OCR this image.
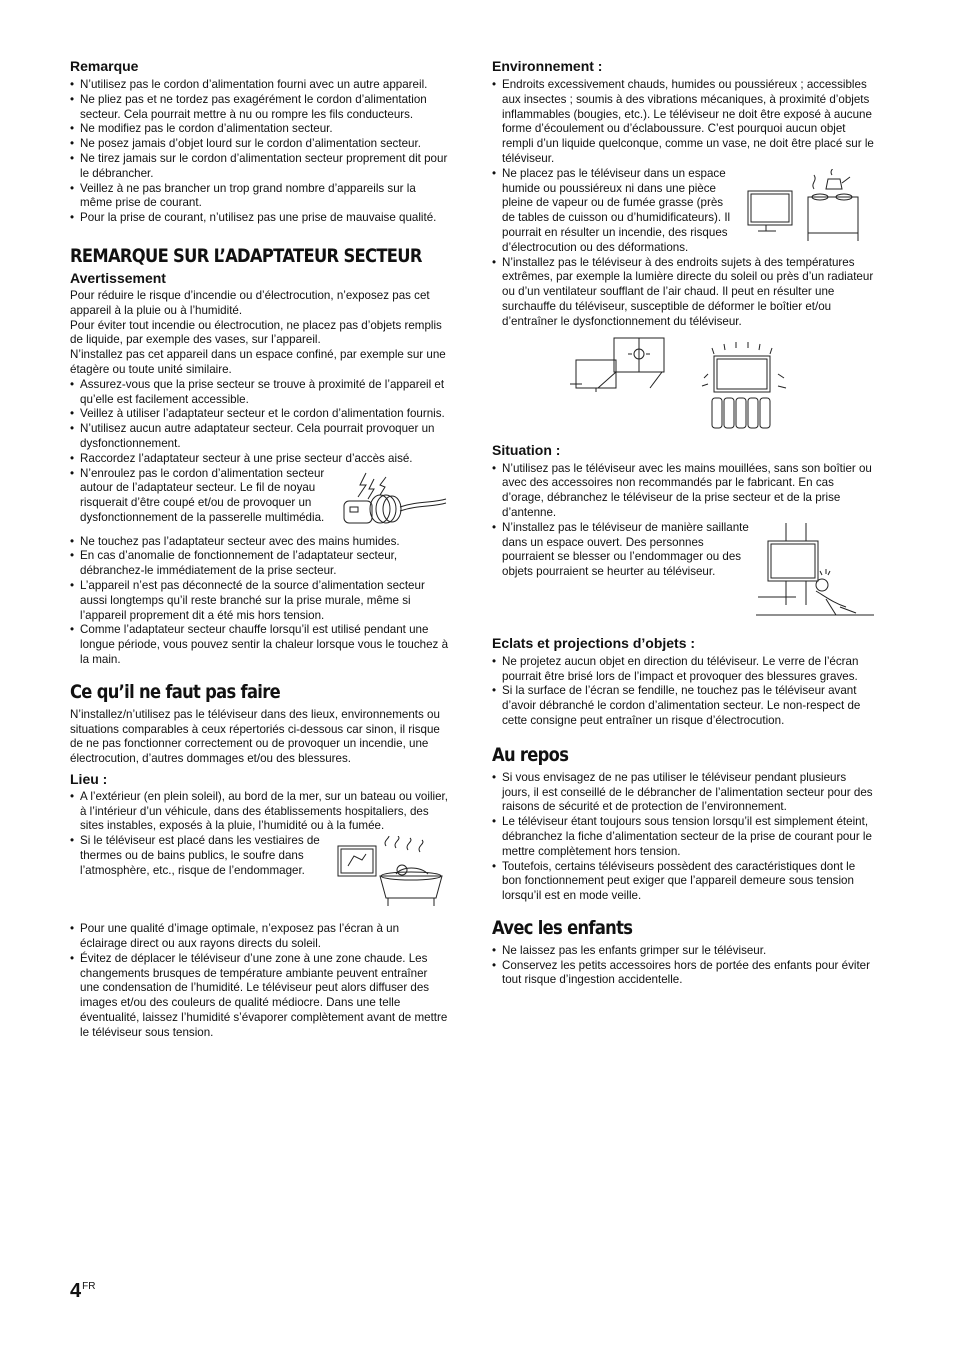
Remarque
• N’utilisez pas le cordon d’alimentation fourni avec un autre appareil.
• Ne pliez pas et ne tordez pas exagérément le cordon d’alimentation secteur. Cela pourrait mettre à nu ou rompre les fils conducteurs.
• Ne modifiez pas le cordon d’alimentation secteur.
• Ne posez jamais d’objet lourd sur le cordon d’alimentation secteur.
• Ne tirez jamais sur le cordon d’alimentation secteur proprement dit pour le débrancher.
• Veillez à ne pas brancher un trop grand nombre d’appareils sur la même prise de courant.
• Pour la prise de courant, n’utilisez pas une prise de mauvaise qualité.
REMARQUE SUR L’ADAPTATEUR SECTEUR
Avertissement

Pour réduire le risque d’incendie ou d’électrocution, n’exposez pas cet appareil à la pluie ou à l’humidité.

Pour éviter tout incendie ou électrocution, ne placez pas d’objets remplis de liquide, par exemple des vases, sur l’appareil.

N’installez pas cet appareil dans un espace confiné, par exemple sur une étagère ou toute unité similaire.

• Assurez-vous que la prise secteur se trouve à proximité de l’appareil et qu’elle est facilement accessible.
• Veillez à utiliser l’adaptateur secteur et le cordon d’alimentation fournis.
• N’utilisez aucun autre adaptateur secteur. Cela pourrait provoquer un dysfonctionnement.
• Raccordez l’adaptateur secteur à une prise secteur d’accès aisé.
• N’enroulez pas le cordon d’alimentation secteur autour de l’adaptateur secteur. Le fil de noyau risquerait d’être coupé et/ou de provoquer un dysfonctionnement de la passerelle multimédia.
• Ne touchez pas l’adaptateur secteur avec des mains humides.
• En cas d’anomalie de fonctionnement de l’adaptateur secteur, débranchez-le immédiatement de la prise secteur.
• L’appareil n’est pas déconnecté de la source d’alimentation secteur aussi longtemps qu’il reste branché sur la prise murale, même si l’appareil proprement dit a été mis hors tension.
• Comme l’adaptateur secteur chauffe lorsqu’il est utilisé pendant une longue période, vous pouvez sentir la chaleur lorsque vous le touchez à la main.
Ce qu’il ne faut pas faire

N’installez/n’utilisez pas le téléviseur dans des lieux, environnements ou situations comparables à ceux répertoriés ci-dessous car sinon, il risque de ne pas fonctionner correctement ou de provoquer un incendie, une électrocution, d’autres dommages et/ou des blessures.

Lieu :
• A l’extérieur (en plein soleil), au bord de la mer, sur un bateau ou voilier, à l’intérieur d’un véhicule, dans des établissements hospitaliers, des sites instables, exposés à la pluie, l’humidité ou à la fumée.
• Si le téléviseur est placé dans les vestiaires de thermes ou de bains publics, le soufre dans l’atmosphère, etc., risque de l’endommager.
• Pour une qualité d’image optimale, n’exposez pas l’écran à un éclairage direct ou aux rayons directs du soleil.
• Évitez de déplacer le téléviseur d’une zone à une zone chaude. Les changements brusques de température ambiante peuvent entraîner une condensation de l’humidité. Le téléviseur peut alors diffuser des images et/ou des couleurs de qualité médiocre. Dans une telle éventualité, laissez l’humidité s’évaporer complètement avant de mettre le téléviseur sous tension.
Environnement :
• Endroits excessivement chauds, humides ou poussiéreux ; accessibles aux insectes ; soumis à des vibrations mécaniques, à proximité d’objets inflammables (bougies, etc.). Le téléviseur ne doit être exposé à aucune forme d’écoulement ou d’éclaboussure. C’est pourquoi aucun objet rempli d’un liquide quelconque, comme un vase, ne doit être placé sur le téléviseur.
• Ne placez pas le téléviseur dans un espace humide ou poussiéreux ni dans une pièce pleine de vapeur ou de fumée grasse (près de tables de cuisson ou d’humidificateurs). Il pourrait en résulter un incendie, des risques d’électrocution ou des déformations.
• N’installez pas le téléviseur à des endroits sujets à des températures extrêmes, par exemple la lumière directe du soleil ou près d’un radiateur ou d’un ventilateur soufflant de l’air chaud. Il peut en résulter une surchauffe du téléviseur, susceptible de déformer le boîtier et/ou d’entraîner le dysfonctionnement du téléviseur.
Situation :
• N’utilisez pas le téléviseur avec les mains mouillées, sans son boîtier ou avec des accessoires non recommandés par le fabricant. En cas d’orage, débranchez le téléviseur de la prise secteur et de la prise d’antenne.
• N’installez pas le téléviseur de manière saillante dans un espace ouvert. Des personnes pourraient se blesser ou l’endommager ou des objets pourraient se heurter au téléviseur.
Eclats et projections d’objets :
• Ne projetez aucun objet en direction du téléviseur. Le verre de l’écran pourrait être brisé lors de l’impact et provoquer des blessures graves.
• Si la surface de l’écran se fendille, ne touchez pas le téléviseur avant d’avoir débranché le cordon d’alimentation secteur. Le non-respect de cette consigne peut entraîner un risque d’électrocution.
Au repos
• Si vous envisagez de ne pas utiliser le téléviseur pendant plusieurs jours, il est conseillé de le débrancher de l’alimentation secteur pour des raisons de sécurité et de protection de l’environnement.
• Le téléviseur étant toujours sous tension lorsqu’il est simplement éteint, débranchez la fiche d’alimentation secteur de la prise de courant pour le mettre complètement hors tension.
• Toutefois, certains téléviseurs possèdent des caractéristiques dont le bon fonctionnement peut exiger que l’appareil demeure sous tension lorsqu’il est en mode veille.
Avec les enfants
• Ne laissez pas les enfants grimper sur le téléviseur.
• Conservez les petits accessoires hors de portée des enfants pour éviter tout risque d’ingestion accidentelle.
$4^{FR}$
